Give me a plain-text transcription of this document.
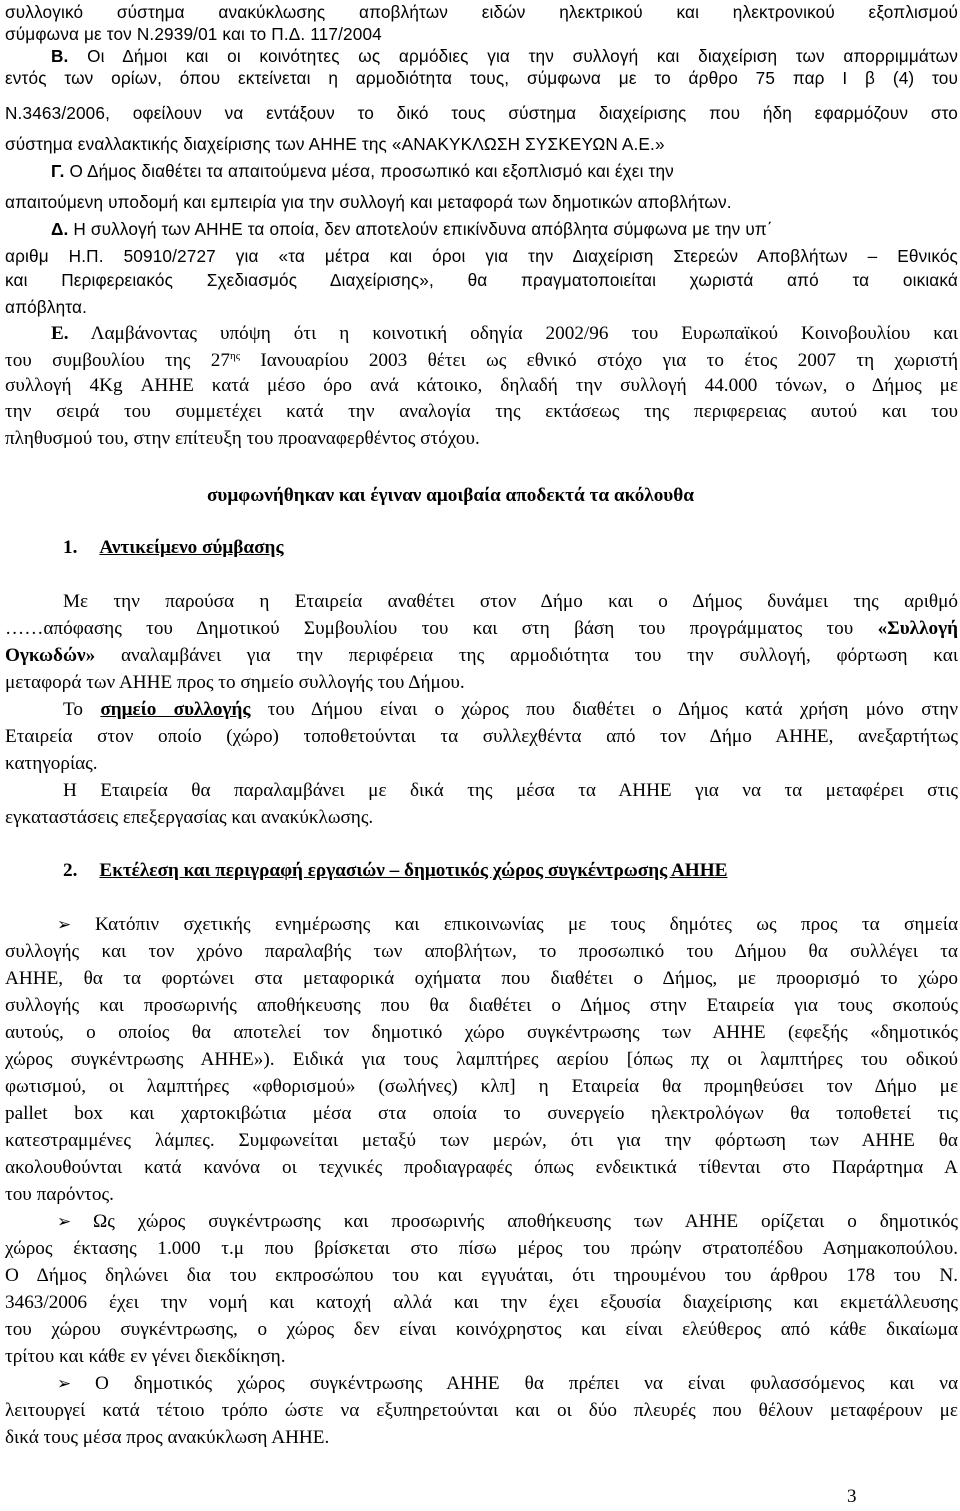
συλλογικό σύστημα ανακύκλωσης αποβλήτων ειδών ηλεκτρικού και ηλεκτρονικού εξοπλισμού
σύμφωνα με τον Ν.2939/01 και το Π.Δ. 117/2004
Β. Οι Δήμοι και οι κοινότητες ως αρμόδιες για την συλλογή και διαχείριση των απορριμμάτων
εντός των ορίων, όπου εκτείνεται η αρμοδιότητα τους, σύμφωνα με το άρθρο 75 παρ Ι β (4) του
Ν.3463/2006, οφείλουν να εντάξουν το δικό τους σύστημα διαχείρισης που ήδη εφαρμόζουν στο
σύστημα εναλλακτικής διαχείρισης των ΑΗΗΕ της «ΑΝΑΚΥΚΛΩΣΗ ΣΥΣΚΕΥΩΝ Α.Ε.»
Γ. Ο Δήμος διαθέτει τα απαιτούμενα μέσα, προσωπικό και εξοπλισμό και έχει την
απαιτούμενη υποδομή και εμπειρία για την συλλογή και μεταφορά των δημοτικών αποβλήτων.
Δ. Η συλλογή των ΑΗΗΕ τα οποία, δεν αποτελούν επικίνδυνα απόβλητα σύμφωνα με την υπ΄
αριθμ Η.Π. 50910/2727 για «τα μέτρα και όροι για την Διαχείριση Στερεών Αποβλήτων – Εθνικός
και Περιφερειακός Σχεδιασμός Διαχείρισης», θα πραγματοποιείται χωριστά από τα οικιακά
απόβλητα.
Ε. Λαμβάνοντας υπόψη ότι η κοινοτική οδηγία 2002/96 του Ευρωπαϊκού Κοινοβουλίου και
του συμβουλίου της $27^{\eta\varsigma}$ Ιανουαρίου 2003 θέτει ως εθνικό στόχο για το έτος 2007 τη χωριστή
συλλογή 4Kg ΑΗΗΕ κατά μέσο όρο ανά κάτοικο, δηλαδή την συλλογή 44.000 τόνων, ο Δήμος με
την σειρά του συμμετέχει κατά την αναλογία της εκτάσεως της περιφερειας αυτού και του
πληθυσμού του, στην επίτευξη του προαναφερθέντος στόχου.
συμφωνήθηκαν και έγιναν αμοιβαία αποδεκτά τα ακόλουθα
1. Αντικείμενο σύμβασης
Με την παρούσα η Εταιρεία αναθέτει στον Δήμο και ο Δήμος δυνάμει της αριθμό
……απόφασης του Δημοτικού Συμβουλίου του και στη βάση του προγράμματος του «Συλλογή
Ογκωδών» αναλαμβάνει για την περιφέρεια της αρμοδιότητα του την συλλογή, φόρτωση και
μεταφορά των ΑΗΗΕ προς το σημείο συλλογής του Δήμου.
Το σημείο συλλογής του Δήμου είναι ο χώρος που διαθέτει ο Δήμος κατά χρήση μόνο στην
Εταιρεία στον οποίο (χώρο) τοποθετούνται τα συλλεχθέντα από τον Δήμο ΑΗΗΕ, ανεξαρτήτως
κατηγορίας.
Η Εταιρεία θα παραλαμβάνει με δικά της μέσα τα ΑΗΗΕ για να τα μεταφέρει στις
εγκαταστάσεις επεξεργασίας και ανακύκλωσης.
2. Εκτέλεση και περιγραφή εργασιών – δημοτικός χώρος συγκέντρωσης ΑΗΗΕ
➢ Κατόπιν σχετικής ενημέρωσης και επικοινωνίας με τους δημότες ως προς τα σημεία
συλλογής και τον χρόνο παραλαβής των αποβλήτων, το προσωπικό του Δήμου θα συλλέγει τα
ΑΗΗΕ, θα τα φορτώνει στα μεταφορικά οχήματα που διαθέτει ο Δήμος, με προορισμό το χώρο
συλλογής και προσωρινής αποθήκευσης που θα διαθέτει ο Δήμος στην Εταιρεία για τους σκοπούς
αυτούς, ο οποίος θα αποτελεί τον δημοτικό χώρο συγκέντρωσης των ΑΗΗΕ (εφεξής «δημοτικός
χώρος συγκέντρωσης ΑΗΗΕ»). Ειδικά για τους λαμπτήρες αερίου [όπως πχ οι λαμπτήρες του οδικού
φωτισμού, οι λαμπτήρες «φθορισμού» (σωλήνες) κλπ] η Εταιρεία θα προμηθεύσει τον Δήμο με
pallet box και χαρτοκιβώτια μέσα στα οποία το συνεργείο ηλεκτρολόγων θα τοποθετεί τις
κατεστραμμένες λάμπες. Συμφωνείται μεταξύ των μερών, ότι για την φόρτωση των ΑΗΗΕ θα
ακολουθούνται κατά κανόνα οι τεχνικές προδιαγραφές όπως ενδεικτικά τίθενται στο Παράρτημα Α
του παρόντος.
➢ Ως χώρος συγκέντρωσης και προσωρινής αποθήκευσης των ΑΗΗΕ ορίζεται ο δημοτικός
χώρος έκτασης 1.000 τ.μ που βρίσκεται στο πίσω μέρος του πρώην στρατοπέδου Ασημακοπούλου.
Ο Δήμος δηλώνει δια του εκπροσώπου του και εγγυάται, ότι τηρουμένου του άρθρου 178 του Ν.
3463/2006 έχει την νομή και κατοχή αλλά και την έχει εξουσία διαχείρισης και εκμετάλλευσης
του χώρου συγκέντρωσης, ο χώρος δεν είναι κοινόχρηστος και είναι ελεύθερος από κάθε δικαίωμα
τρίτου και κάθε εν γένει διεκδίκηση.
➢ Ο δημοτικός χώρος συγκέντρωσης ΑΗΗΕ θα πρέπει να είναι φυλασσόμενος και να
λειτουργεί κατά τέτοιο τρόπο ώστε να εξυπηρετούνται και οι δύο πλευρές που θέλουν μεταφέρουν με
δικά τους μέσα προς ανακύκλωση ΑΗΗΕ.
3
